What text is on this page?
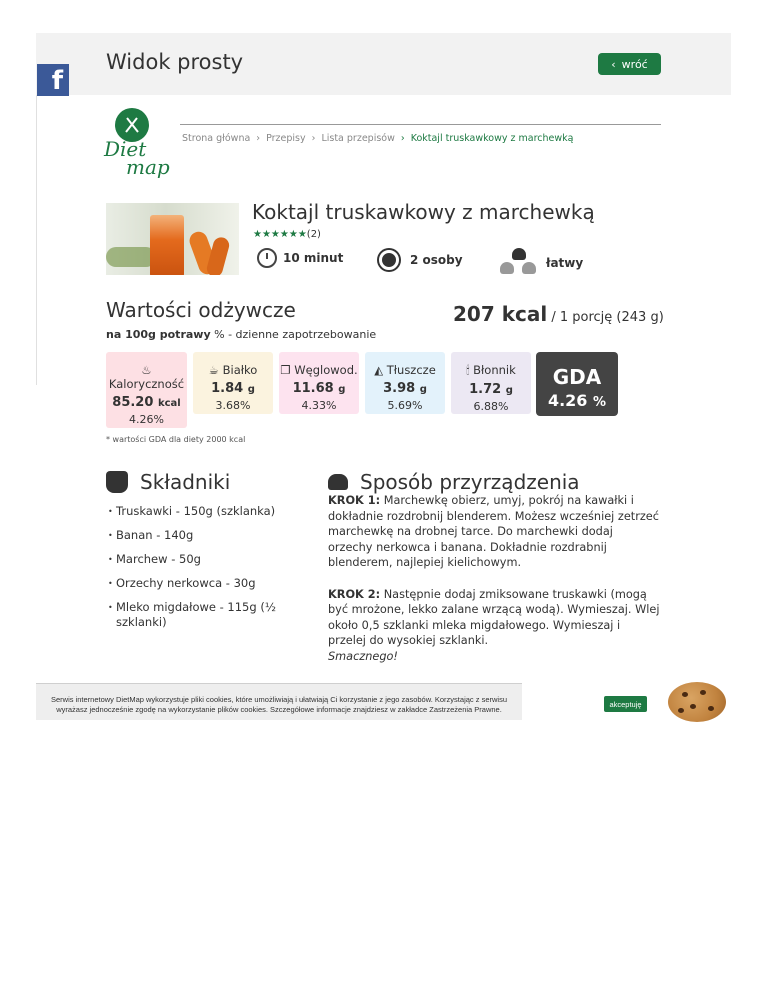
Widok prosty	‹ wróć
f
Diet
map
Strona główna › Przepisy › Lista przepisów › Koktajl truskawkowy z marchewką
Koktajl truskawkowy z marchewką
★★★★★★(2)
10 minut	2 osoby	łatwy
Wartości odżywcze	207 kcal / 1 porcję (243 g)
na 100g potrawy % - dzienne zapotrzebowanie
♨
Kaloryczność
85.20 kcal
4.26%
☕ Białko
1.84 g
3.68%
❐ Węglowod.
11.68 g
4.33%
◭ Tłuszcze
3.98 g
5.69%
🕯 Błonnik
1.72 g
6.88%
GDA
4.26 %
* wartości GDA dla diety 2000 kcal
Składniki
• Truskawki - 150g (szklanka)
• Banan - 140g
• Marchew - 50g
• Orzechy nerkowca - 30g
• Mleko migdałowe - 115g (½ szklanki)
Sposób przyrządzenia

KROK 1: Marchewkę obierz, umyj, pokrój na kawałki i dokładnie rozdrobnij blenderem. Możesz wcześniej zetrzeć marchewkę na drobnej tarce. Do marchewki dodaj orzechy nerkowca i banana. Dokładnie rozdrabnij blenderem, najlepiej kielichowym.

KROK 2: Następnie dodaj zmiksowane truskawki (mogą być mrożone, lekko zalane wrzącą wodą). Wymieszaj. Wlej około 0,5 szklanki mleka migdałowego. Wymieszaj i przelej do wysokiej szklanki.
Smacznego!

Serwis internetowy DietMap wykorzystuje pliki cookies, które umożliwiają i ułatwiają Ci korzystanie z jego zasobów. Korzystając z serwisu wyrażasz jednocześnie zgodę na wykorzystanie plików cookies. Szczegółowe informacje znajdziesz w zakładce Zastrzeżenia Prawne.
akceptuję
